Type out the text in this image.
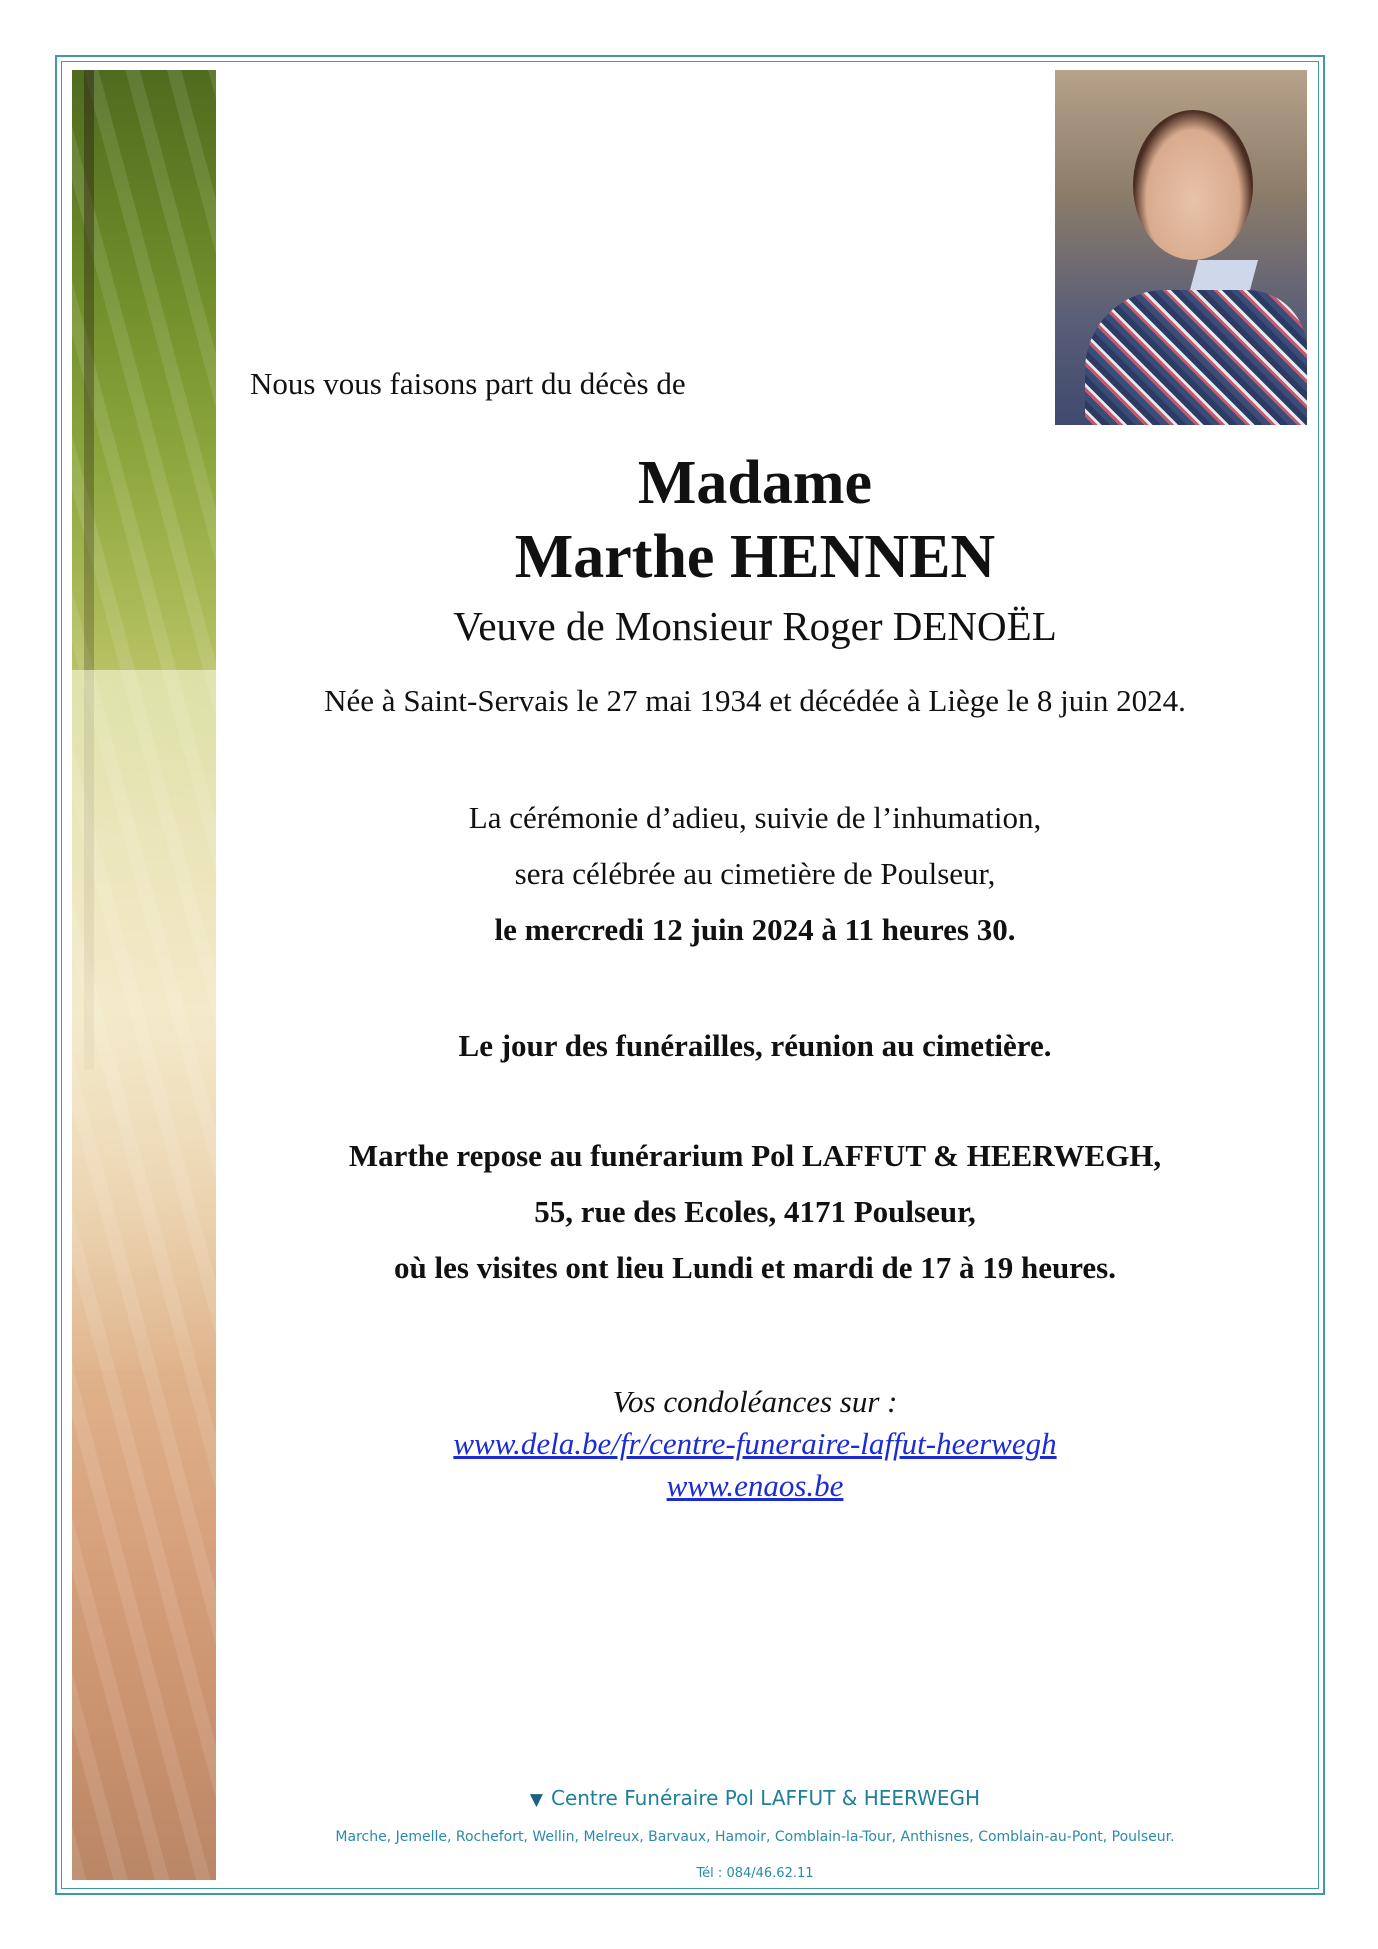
Nous vous faisons part du décès de

Madame

Marthe HENNEN

Veuve de Monsieur Roger DENOËL

Née à Saint-Servais le 27 mai 1934 et décédée à Liège le 8 juin 2024.

La cérémonie d’adieu, suivie de l’inhumation,

sera célébrée au cimetière de Poulseur,

le mercredi 12 juin 2024 à 11 heures 30.

Le jour des funérailles, réunion au cimetière.

Marthe repose au funérarium Pol LAFFUT & HEERWEGH,

55, rue des Ecoles, 4171 Poulseur,

où les visites ont lieu Lundi et mardi de 17 à 19 heures.

Vos condoléances sur :

www.dela.be/fr/centre-funeraire-laffut-heerwegh

www.enaos.be

▼ Centre Funéraire Pol LAFFUT & HEERWEGH

Marche, Jemelle, Rochefort, Wellin, Melreux, Barvaux, Hamoir, Comblain-la-Tour, Anthisnes, Comblain-au-Pont, Poulseur.

Tél : 084/46.62.11
